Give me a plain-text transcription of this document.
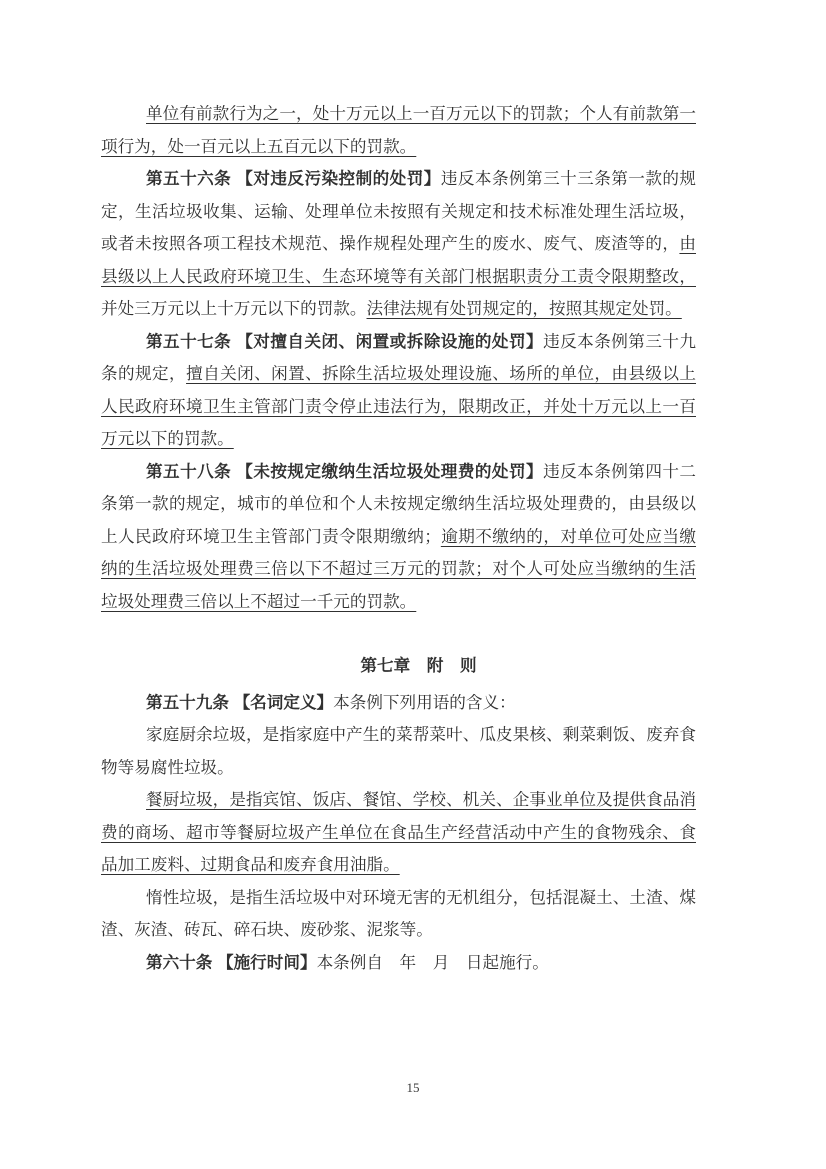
单位有前款行为之一，处十万元以上一百万元以下的罚款；个人有前款第一项行为，处一百元以上五百元以下的罚款。

第五十六条 【对违反污染控制的处罚】违反本条例第三十三条第一款的规定，生活垃圾收集、运输、处理单位未按照有关规定和技术标准处理生活垃圾，或者未按照各项工程技术规范、操作规程处理产生的废水、废气、废渣等的，由县级以上人民政府环境卫生、生态环境等有关部门根据职责分工责令限期整改，并处三万元以上十万元以下的罚款。法律法规有处罚规定的，按照其规定处罚。

第五十七条 【对擅自关闭、闲置或拆除设施的处罚】违反本条例第三十九条的规定，擅自关闭、闲置、拆除生活垃圾处理设施、场所的单位，由县级以上人民政府环境卫生主管部门责令停止违法行为，限期改正，并处十万元以上一百万元以下的罚款。

第五十八条 【未按规定缴纳生活垃圾处理费的处罚】违反本条例第四十二条第一款的规定，城市的单位和个人未按规定缴纳生活垃圾处理费的，由县级以上人民政府环境卫生主管部门责令限期缴纳；逾期不缴纳的，对单位可处应当缴纳的生活垃圾处理费三倍以下不超过三万元的罚款；对个人可处应当缴纳的生活垃圾处理费三倍以上不超过一千元的罚款。

第七章　附　则

第五十九条 【名词定义】本条例下列用语的含义：

家庭厨余垃圾，是指家庭中产生的菜帮菜叶、瓜皮果核、剩菜剩饭、废弃食物等易腐性垃圾。

餐厨垃圾，是指宾馆、饭店、餐馆、学校、机关、企事业单位及提供食品消费的商场、超市等餐厨垃圾产生单位在食品生产经营活动中产生的食物残余、食品加工废料、过期食品和废弃食用油脂。

惰性垃圾，是指生活垃圾中对环境无害的无机组分，包括混凝土、土渣、煤渣、灰渣、砖瓦、碎石块、废砂浆、泥浆等。

第六十条 【施行时间】本条例自　年　月　日起施行。

15
